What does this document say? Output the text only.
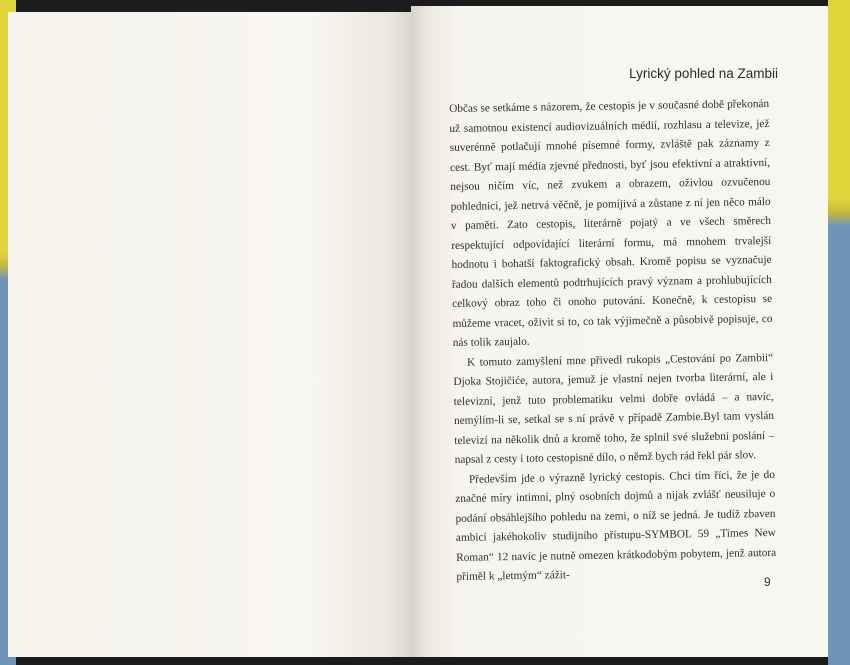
Lyrický pohled na Zambii

Občas se setkáme s názorem, že cestopis je v současné době překonán už samotnou existencí audiovizuálních médií, rozhlasu a televize, jež suverénně potlačují mnohé písemné formy, zvláště pak záznamy z cest. Byť mají média zjevné přednosti, byť jsou efektivní a atraktivní, nejsou ničím víc, než zvukem a obrazem, oživlou ozvučenou pohlednicí, jež netrvá věčně, je pomíjivá a zůstane z ní jen něco málo v paměti. Zato cestopis, literárně pojatý a ve všech směrech respektující odpovídající literární formu, má mnohem trvalejší hodnotu i bohatší faktografický obsah. Kromě popisu se vyznačuje řadou dalších elementů podtrhujících pravý význam a prohlubujících celkový obraz toho či onoho putování. Konečně, k cestopisu se můžeme vracet, oživit si to, co tak výjimečně a působivě popisuje, co nás tolik zaujalo.

K tomuto zamyšlení mne přivedl rukopis „Cestování po Zambii“ Djoka Stojičiće, autora, jemuž je vlastní nejen tvorba literární, ale i televizní, jenž tuto problematiku velmi dobře ovládá – a navíc, nemýlím-li se, setkal se s ní právě v případě Zambie.Byl tam vyslán televizí na několik dnů a kromě toho, že splnil své služební poslání – napsal z cesty i toto cestopisné dílo, o němž bych rád řekl pár slov.

Především jde o výrazně lyrický cestopis. Chci tím říci, že je do značné míry intimní, plný osobních dojmů a nijak zvlášť neusiluje o podání obsáhlejšího pohledu na zemi, o níž se jedná. Je tudíž zbaven ambicí jakéhokoliv studijního přístupu-SYMBOL 59 „Times New Roman“ 12 navíc je nutně omezen krátkodobým pobytem, jenž autora přiměl k „letmým“ zážit-	9
